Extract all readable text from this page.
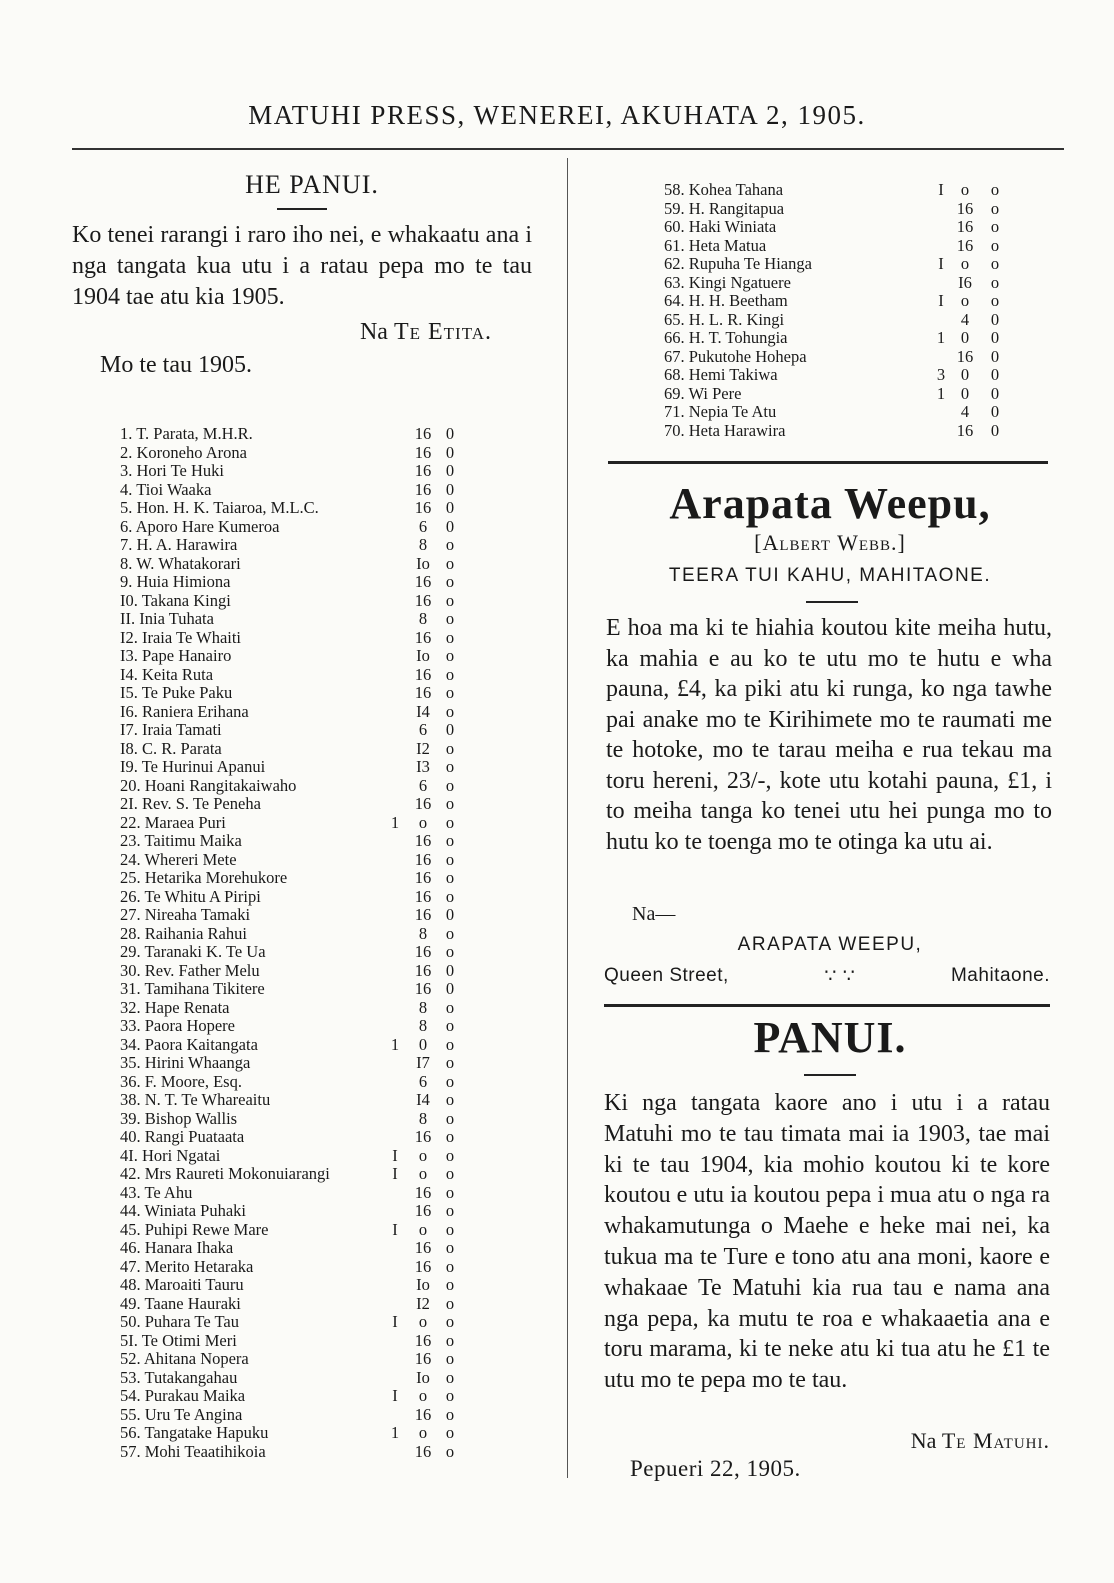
MATUHI PRESS, WENEREI, AKUHATA 2, 1905.
HE PANUI.
Ko tenei rarangi i raro iho nei, e whakaatu ana i nga tangata kua utu i a ratau pepa mo te tau 1904 tae atu kia 1905.
Na Te Etita.
Mo te tau 1905.
1. T. Parata, M.H.R.	16 0
2. Koroneho Arona	16 0
3. Hori Te Huki	16 0
4. Tioi Waaka	16 0
5. Hon. H. K. Taiaroa, M.L.C.	16 0
6. Aporo Hare Kumeroa	6	0
7. H. A. Harawira	8	o
8. W. Whatakorari	Io o
9. Huia Himiona	16 o
I0. Takana Kingi	16 o
II. Inia Tuhata	8	o
I2. Iraia Te Whaiti	16 o
I3. Pape Hanairo	Io o
I4. Keita Ruta	16 o
I5. Te Puke Paku	16 o
I6. Raniera Erihana	I4 o
I7. Iraia Tamati	6	0
I8. C. R. Parata	I2 o
I9. Te Hurinui Apanui	I3 o
20. Hoani Rangitakaiwaho	6	o
2I. Rev. S. Te Peneha	16 o
22. Maraea Puri	1	o	o
23. Taitimu Maika	16 o
24. Whereri Mete	16 o
25. Hetarika Morehukore	16 o
26. Te Whitu A Piripi	16 o
27. Nireaha Tamaki	16 0
28. Raihania Rahui	8	o
29. Taranaki K. Te Ua	16 o
30. Rev. Father Melu	16 0
31. Tamihana Tikitere	16 0
32. Hape Renata	8	o
33. Paora Hopere	8	o
34. Paora Kaitangata	1	0	o
35. Hirini Whaanga	I7 o
36. F. Moore, Esq.	6	o
38. N. T. Te Whareaitu	I4 o
39. Bishop Wallis	8	o
40. Rangi Puataata	16 o
4I. Hori Ngatai	I	o	o
42. Mrs Raureti Mokonuiarangi	I	o	o
43. Te Ahu	16 o
44. Winiata Puhaki	16 o
45. Puhipi Rewe Mare	I	o	o
46. Hanara Ihaka	16 o
47. Merito Hetaraka	16 o
48. Maroaiti Tauru	Io o
49. Taane Hauraki	I2 o
50. Puhara Te Tau	I	o	o
5I. Te Otimi Meri	16 o
52. Ahitana Nopera	16 o
53. Tutakangahau	Io o
54. Purakau Maika	I	o	o
55. Uru Te Angina	16 o
56. Tangatake Hapuku	1	o	o
57. Mohi Teaatihikoia	16 o
58. Kohea Tahana	I	o	o
59. H. Rangitapua	16 o
60. Haki Winiata	16 o
61. Heta Matua	16 o
62. Rupuha Te Hianga	I	o	o
63. Kingi Ngatuere	I6	o
64. H. H. Beetham	I	o	o
65. H. L. R. Kingi	4	0
66. H. T. Tohungia	1 0	0
67. Pukutohe Hohepa	16 0
68. Hemi Takiwa	3 0	0
69. Wi Pere	1 0	0
71. Nepia Te Atu	4	0
70. Heta Harawira	16 0
Arapata Weepu,
[Albert Webb.]
TEERA TUI KAHU, MAHITAONE.
E hoa ma ki te hiahia koutou kite meiha hutu, ka mahia e au ko te utu mo te hutu e wha pauna, £4, ka piki atu ki runga, ko nga tawhe pai anake mo te Kirihimete mo te raumati me te hotoke, mo te tarau meiha e rua tekau ma toru hereni, 23/-, kote utu kotahi pauna, £1, i to meiha tanga ko tenei utu hei punga mo to hutu ko te toenga mo te otinga ka utu ai.
Na—
ARAPATA WEEPU,
Queen Street,	∵ ∵	Mahitaone.
PANUI.
Ki nga tangata kaore ano i utu i a ratau Matuhi mo te tau timata mai ia 1903, tae mai ki te tau 1904, kia mohio koutou ki te kore koutou e utu ia koutou pepa i mua atu o nga ra whakamutunga o Maehe e heke mai nei, ka tukua ma te Ture e tono atu ana moni, kaore e whakaae Te Matuhi kia rua tau e nama ana nga pepa, ka mutu te roa e whakaaetia ana e toru marama, ki te neke atu ki tua atu he £1 te utu mo te pepa mo te tau.
Na Te Matuhi.
Pepueri 22, 1905.
